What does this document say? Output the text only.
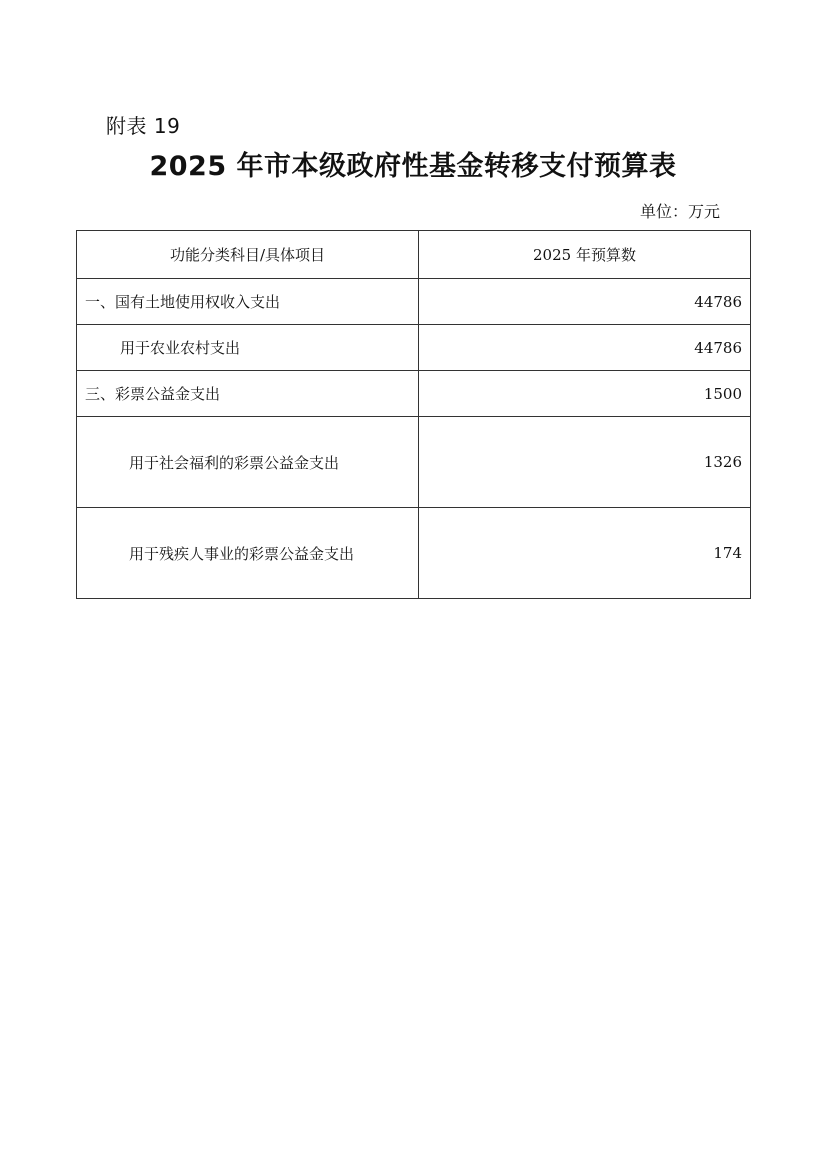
附表 19
2025 年市本级政府性基金转移支付预算表
单位：万元
功能分类科目/具体项目	2025 年预算数
一、国有土地使用权收入支出	44786
用于农业农村支出	44786
三、彩票公益金支出	1500
用于社会福利的彩票公益金支出	1326
用于残疾人事业的彩票公益金支出	174
